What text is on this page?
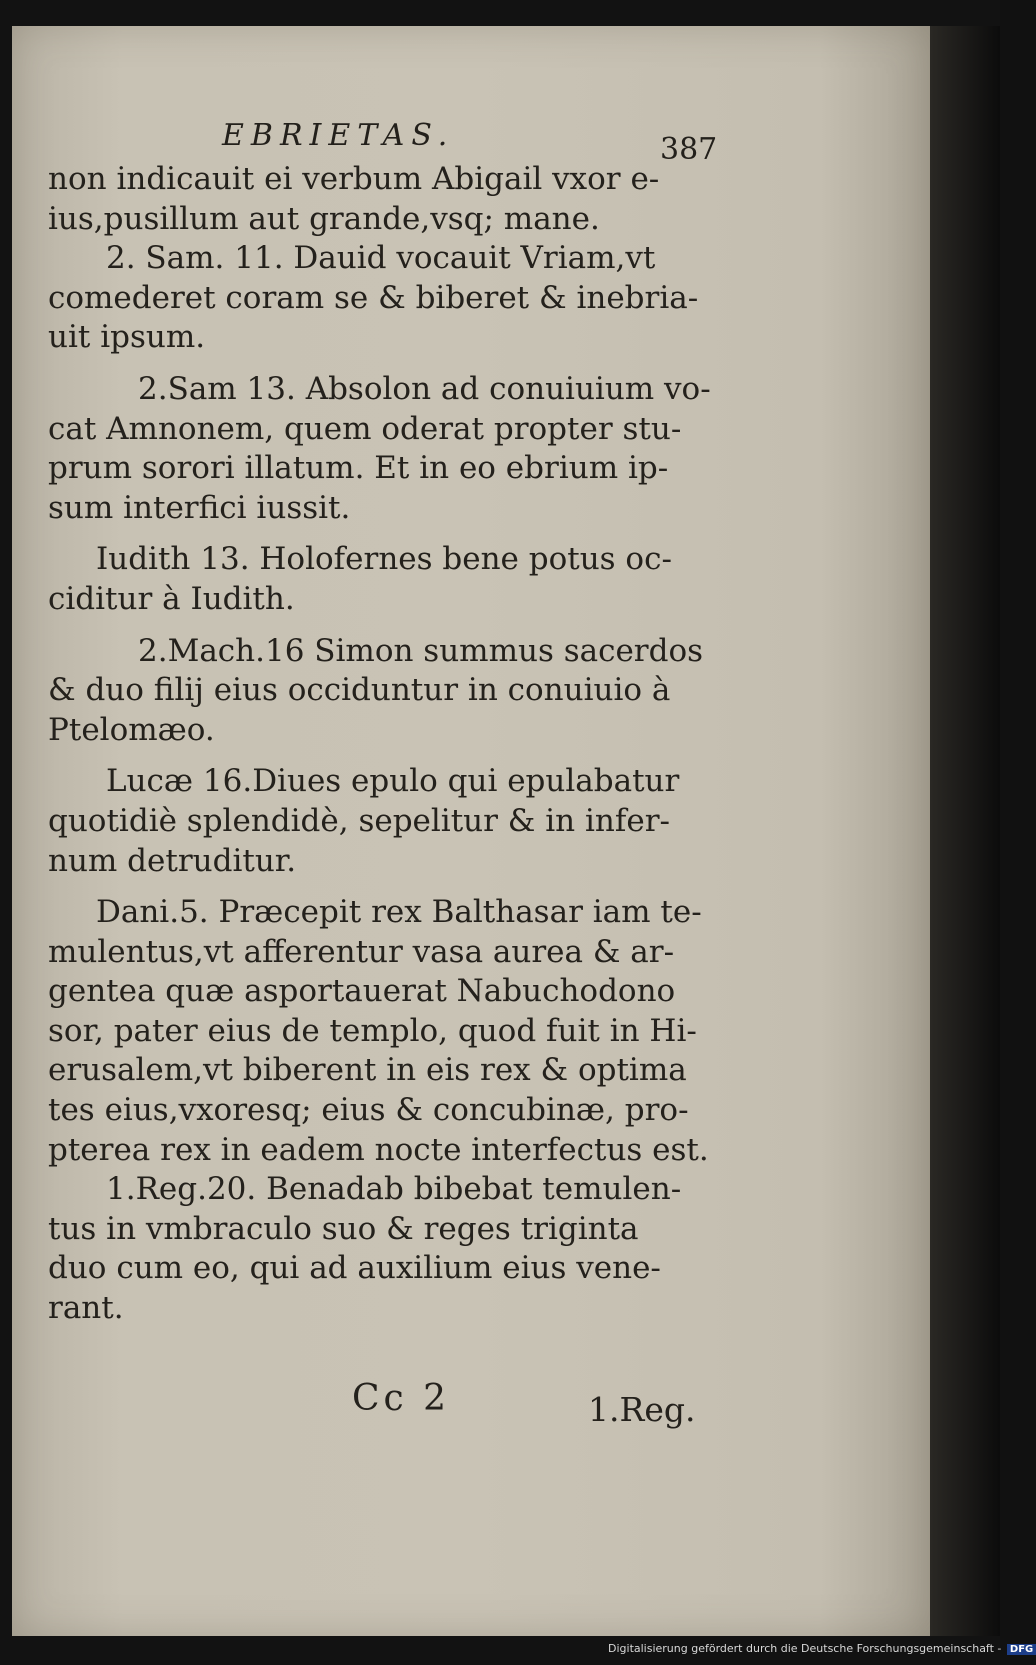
EBRIETAS.	387
non indicauit ei verbum Abigail vxor e-
ius,pusillum aut grande,vsq; mane.
2. Sam. 11. Dauid vocauit Vriam,vt
comederet coram se & biberet & inebria-
uit ipsum.
2.Sam 13. Absolon ad conuiuium vo-
cat Amnonem, quem oderat propter stu-
prum sorori illatum. Et in eo ebrium ip-
sum interfici iussit.
Iudith 13. Holofernes bene potus oc-
ciditur à Iudith.
2.Mach.16 Simon summus sacerdos
& duo filij eius occiduntur in conuiuio à
Ptelomæo.
Lucæ 16.Diues epulo qui epulabatur
quotidiè splendidè, sepelitur & in infer-
num detruditur.
Dani.5. Præcepit rex Balthasar iam te-
mulentus,vt afferentur vasa aurea & ar-
gentea quæ asportauerat Nabuchodono
sor, pater eius de templo, quod fuit in Hi-
erusalem,vt biberent in eis rex & optima
tes eius,vxoresq; eius & concubinæ, pro-
pterea rex in eadem nocte interfectus est.
1.Reg.20. Benadab bibebat temulen-
tus in vmbraculo suo & reges triginta
duo cum eo, qui ad auxilium eius vene-
rant.
Cc 2	1.Reg.
Digitalisierung gefördert durch die Deutsche Forschungsgemeinschaft - DFG
